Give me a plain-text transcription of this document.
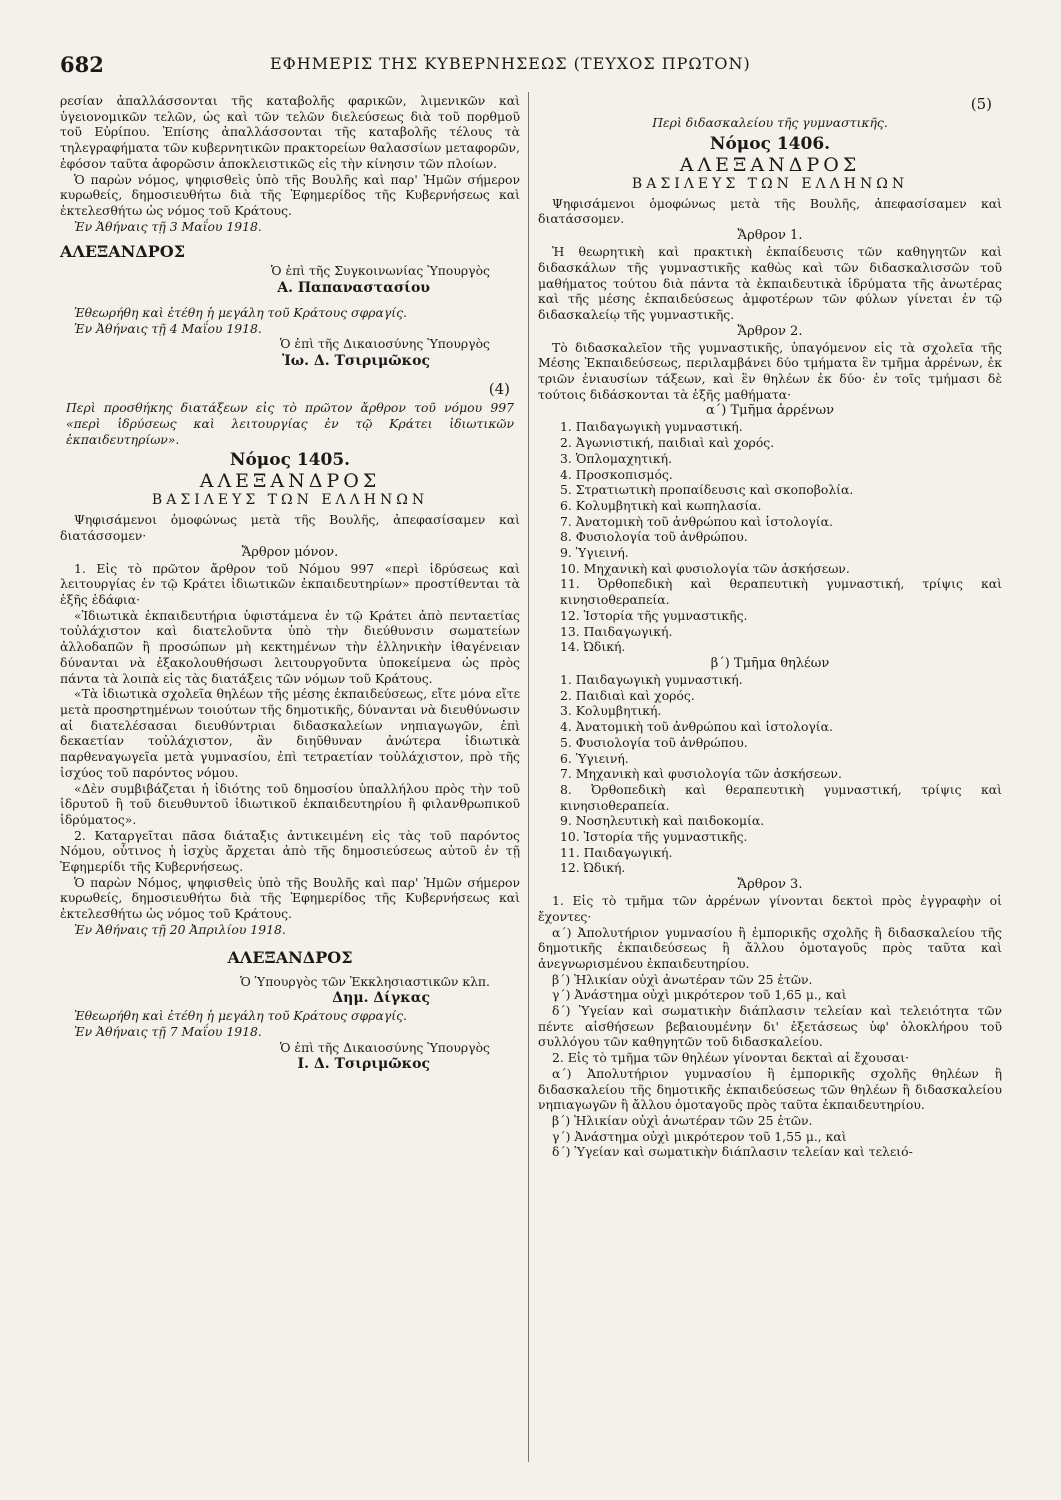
682	ΕΦΗΜΕΡΙΣ ΤΗΣ ΚΥΒΕΡΝΗΣΕΩΣ (ΤΕΥΧΟΣ ΠΡΩΤΟΝ)

ρεσίαν ἀπαλλάσσονται τῆς καταβολῆς φαρικῶν, λιμενικῶν καὶ ὑγειονομικῶν τελῶν, ὡς καὶ τῶν τελῶν διελεύσεως διὰ τοῦ πορθμοῦ τοῦ Εὐρίπου. Ἐπίσης ἀπαλλάσσονται τῆς καταβολῆς τέλους τὰ τηλεγραφήματα τῶν κυβερνητικῶν πρακτορείων θαλασσίων μεταφορῶν, ἐφόσον ταῦτα ἀφορῶσιν ἀποκλειστικῶς εἰς τὴν κίνησιν τῶν πλοίων.

Ὁ παρὼν νόμος, ψηφισθεὶς ὑπὸ τῆς Βουλῆς καὶ παρ' Ἡμῶν σήμερον κυρωθείς, δημοσιευθήτω διὰ τῆς Ἐφημερίδος τῆς Κυβερνήσεως καὶ ἐκτελεσθήτω ὡς νόμος τοῦ Κράτους.

Ἐν Ἀθήναις τῇ 3 Μαΐου 1918.

ΑΛΕΞΑΝΔΡΟΣ

Ὁ ἐπὶ τῆς Συγκοινωνίας Ὑπουργὸς

Α. Παπαναστασίου

Ἐθεωρήθη καὶ ἐτέθη ἡ μεγάλη τοῦ Κράτους σφραγίς.

Ἐν Ἀθήναις τῇ 4 Μαΐου 1918.

Ὁ ἐπὶ τῆς Δικαιοσύνης Ὑπουργὸς

Ἰω. Δ. Τσιριμῶκος

(4)

Περὶ προσθήκης διατάξεων εἰς τὸ πρῶτον ἄρθρον τοῦ νόμου 997 «περὶ ἱδρύσεως καὶ λειτουργίας ἐν τῷ Κράτει ἰδιωτικῶν ἐκπαιδευτηρίων».

Νόμος 1405.

ΑΛΕΞΑΝΔΡΟΣ

ΒΑΣΙΛΕΥΣ ΤΩΝ ΕΛΛΗΝΩΝ

Ψηφισάμενοι ὁμοφώνως μετὰ τῆς Βουλῆς, ἀπεφασίσαμεν καὶ διατάσσομεν·

Ἄρθρον μόνον.

1. Εἰς τὸ πρῶτον ἄρθρον τοῦ Νόμου 997 «περὶ ἱδρύσεως καὶ λειτουργίας ἐν τῷ Κράτει ἰδιωτικῶν ἐκπαιδευτηρίων» προστίθενται τὰ ἑξῆς ἐδάφια·

«Ἰδιωτικὰ ἐκπαιδευτήρια ὑφιστάμενα ἐν τῷ Κράτει ἀπὸ πενταετίας τοὐλάχιστον καὶ διατελοῦντα ὑπὸ τὴν διεύθυνσιν σωματείων ἀλλοδαπῶν ἢ προσώπων μὴ κεκτημένων τὴν ἑλληνικὴν ἰθαγένειαν δύνανται νὰ ἐξακολουθήσωσι λειτουργοῦντα ὑποκείμενα ὡς πρὸς πάντα τὰ λοιπὰ εἰς τὰς διατάξεις τῶν νόμων τοῦ Κράτους.

«Τὰ ἰδιωτικὰ σχολεῖα θηλέων τῆς μέσης ἐκπαιδεύσεως, εἴτε μόνα εἴτε μετὰ προσηρτημένων τοιούτων τῆς δημοτικῆς, δύνανται νὰ διευθύνωσιν αἱ διατελέσασαι διευθύντριαι διδασκαλείων νηπιαγωγῶν, ἐπὶ δεκαετίαν τοὐλάχιστον, ἂν διηῦθυναν ἀνώτερα ἰδιωτικὰ παρθεναγωγεῖα μετὰ γυμνασίου, ἐπὶ τετραετίαν τοὐλάχιστον, πρὸ τῆς ἰσχύος τοῦ παρόντος νόμου.

«Δὲν συμβιβάζεται ἡ ἰδιότης τοῦ δημοσίου ὑπαλλήλου πρὸς τὴν τοῦ ἱδρυτοῦ ἢ τοῦ διευθυντοῦ ἰδιωτικοῦ ἐκπαιδευτηρίου ἢ φιλανθρωπικοῦ ἱδρύματος».

2. Καταργεῖται πᾶσα διάταξις ἀντικειμένη εἰς τὰς τοῦ παρόντος Νόμου, οὗτινος ἡ ἰσχὺς ἄρχεται ἀπὸ τῆς δημοσιεύσεως αὐτοῦ ἐν τῇ Ἐφημερίδι τῆς Κυβερνήσεως.

Ὁ παρὼν Νόμος, ψηφισθεὶς ὑπὸ τῆς Βουλῆς καὶ παρ' Ἡμῶν σήμερον κυρωθείς, δημοσιευθήτω διὰ τῆς Ἐφημερίδος τῆς Κυβερνήσεως καὶ ἐκτελεσθήτω ὡς νόμος τοῦ Κράτους.

Ἐν Ἀθήναις τῇ 20 Ἀπριλίου 1918.

ΑΛΕΞΑΝΔΡΟΣ

Ὁ Ὑπουργὸς τῶν Ἐκκλησιαστικῶν κλπ.

Δημ. Δίγκας

Ἐθεωρήθη καὶ ἐτέθη ἡ μεγάλη τοῦ Κράτους σφραγίς.

Ἐν Ἀθήναις τῇ 7 Μαΐου 1918.

Ὁ ἐπὶ τῆς Δικαιοσύνης Ὑπουργὸς

Ι. Δ. Τσιριμῶκος

(5)

Περὶ διδασκαλείου τῆς γυμναστικῆς.

Νόμος 1406.

ΑΛΕΞΑΝΔΡΟΣ

ΒΑΣΙΛΕΥΣ ΤΩΝ ΕΛΛΗΝΩΝ

Ψηφισάμενοι ὁμοφώνως μετὰ τῆς Βουλῆς, ἀπεφασίσαμεν καὶ διατάσσομεν.

Ἄρθρον 1.

Ἡ θεωρητικὴ καὶ πρακτικὴ ἐκπαίδευσις τῶν καθηγητῶν καὶ διδασκάλων τῆς γυμναστικῆς καθὼς καὶ τῶν διδασκαλισσῶν τοῦ μαθήματος τούτου διὰ πάντα τὰ ἐκπαιδευτικὰ ἱδρύματα τῆς ἀνωτέρας καὶ τῆς μέσης ἐκπαιδεύσεως ἀμφοτέρων τῶν φύλων γίνεται ἐν τῷ διδασκαλείῳ τῆς γυμναστικῆς.

Ἄρθρον 2.

Τὸ διδασκαλεῖον τῆς γυμναστικῆς, ὑπαγόμενον εἰς τὰ σχολεῖα τῆς Μέσης Ἐκπαιδεύσεως, περιλαμβάνει δύο τμήματα ἓν τμῆμα ἀρρένων, ἐκ τριῶν ἐνιαυσίων τάξεων, καὶ ἓν θηλέων ἐκ δύο· ἐν τοῖς τμήμασι δὲ τούτοις διδάσκονται τὰ ἑξῆς μαθήματα·

α΄) Τμῆμα ἀρρένων

1. Παιδαγωγικὴ γυμναστική.

2. Ἀγωνιστική, παιδιαὶ καὶ χορός.

3. Ὁπλομαχητική.

4. Προσκοπισμός.

5. Στρατιωτικὴ προπαίδευσις καὶ σκοποβολία.

6. Κολυμβητικὴ καὶ κωπηλασία.

7. Ἀνατομικὴ τοῦ ἀνθρώπου καὶ ἱστολογία.

8. Φυσιολογία τοῦ ἀνθρώπου.

9. Ὑγιεινή.

10. Μηχανικὴ καὶ φυσιολογία τῶν ἀσκήσεων.

11. Ὀρθοπεδικὴ καὶ θεραπευτικὴ γυμναστική, τρίψις καὶ κινησιοθεραπεία.

12. Ἱστορία τῆς γυμναστικῆς.

13. Παιδαγωγική.

14. Ὠδική.

β΄) Τμῆμα θηλέων

1. Παιδαγωγικὴ γυμναστική.

2. Παιδιαὶ καὶ χορός.

3. Κολυμβητική.

4. Ἀνατομικὴ τοῦ ἀνθρώπου καὶ ἱστολογία.

5. Φυσιολογία τοῦ ἀνθρώπου.

6. Ὑγιεινή.

7. Μηχανικὴ καὶ φυσιολογία τῶν ἀσκήσεων.

8. Ὀρθοπεδικὴ καὶ θεραπευτικὴ γυμναστική, τρίψις καὶ κινησιοθεραπεία.

9. Νοσηλευτικὴ καὶ παιδοκομία.

10. Ἱστορία τῆς γυμναστικῆς.

11. Παιδαγωγική.

12. Ὠδική.

Ἄρθρον 3.

1. Εἰς τὸ τμῆμα τῶν ἀρρένων γίνονται δεκτοὶ πρὸς ἐγγραφὴν οἱ ἔχοντες·

α΄) Ἀπολυτήριον γυμνασίου ἢ ἐμπορικῆς σχολῆς ἢ διδασκαλείου τῆς δημοτικῆς ἐκπαιδεύσεως ἢ ἄλλου ὁμοταγοῦς πρὸς ταῦτα καὶ ἀνεγνωρισμένου ἐκπαιδευτηρίου.

β΄) Ἡλικίαν οὐχὶ ἀνωτέραν τῶν 25 ἐτῶν.

γ΄) Ἀνάστημα οὐχὶ μικρότερον τοῦ 1,65 μ., καὶ

δ΄) Ὑγείαν καὶ σωματικὴν διάπλασιν τελείαν καὶ τελειότητα τῶν πέντε αἰσθήσεων βεβαιουμένην δι' ἐξετάσεως ὑφ' ὁλοκλήρου τοῦ συλλόγου τῶν καθηγητῶν τοῦ διδασκαλείου.

2. Εἰς τὸ τμῆμα τῶν θηλέων γίνονται δεκταὶ αἱ ἔχουσαι·

α΄) Ἀπολυτήριον γυμνασίου ἢ ἐμπορικῆς σχολῆς θηλέων ἢ διδασκαλείου τῆς δημοτικῆς ἐκπαιδεύσεως τῶν θηλέων ἢ διδασκαλείου νηπιαγωγῶν ἢ ἄλλου ὁμοταγοῦς πρὸς ταῦτα ἐκπαιδευτηρίου.

β΄) Ἡλικίαν οὐχὶ ἀνωτέραν τῶν 25 ἐτῶν.

γ΄) Ἀνάστημα οὐχὶ μικρότερον τοῦ 1,55 μ., καὶ

δ΄) Ὑγείαν καὶ σωματικὴν διάπλασιν τελείαν καὶ τελειό-
